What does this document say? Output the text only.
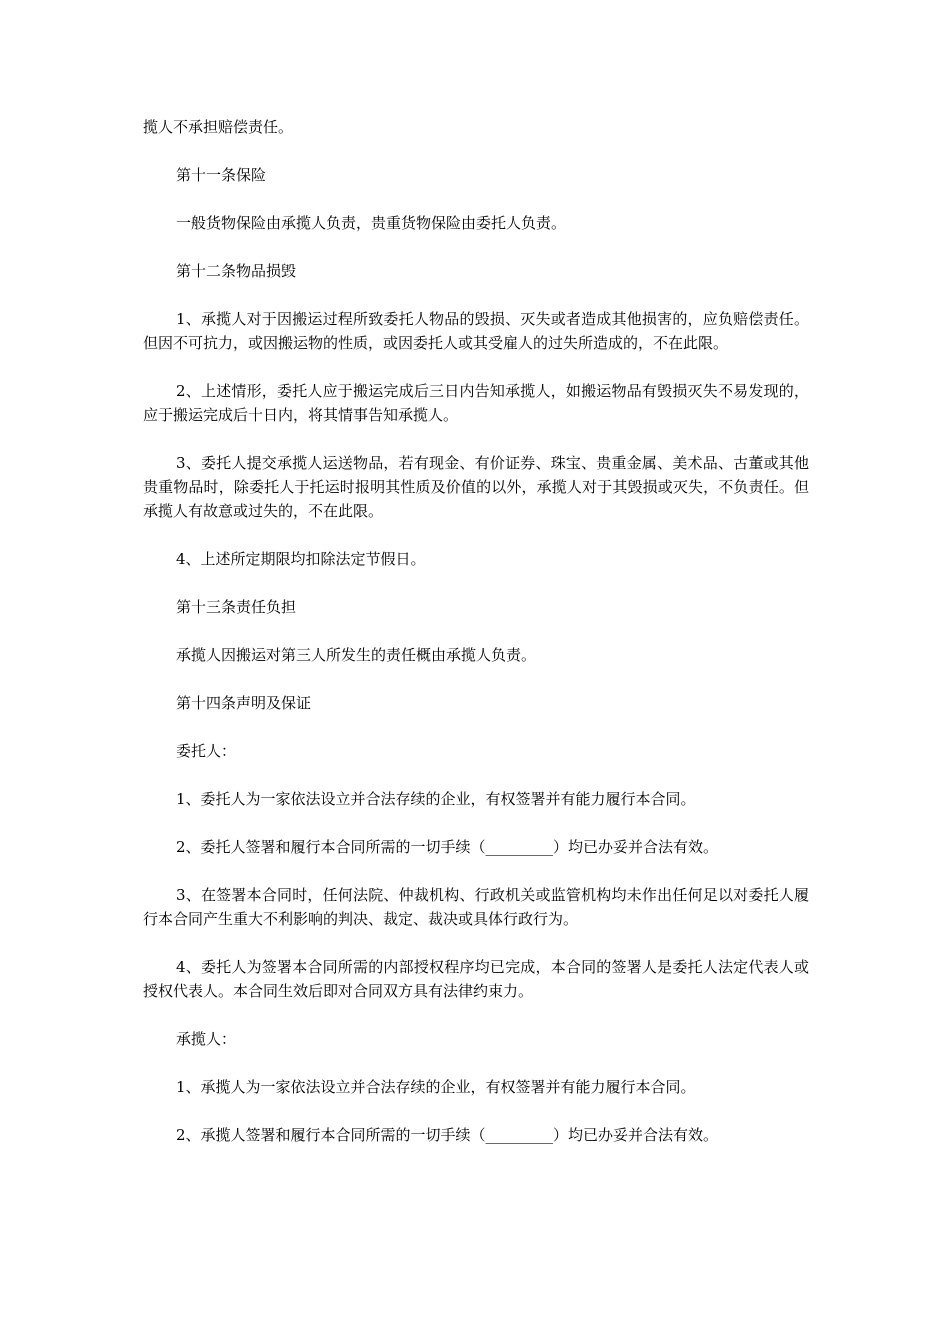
揽人不承担赔偿责任。

第十一条保险

一般货物保险由承揽人负责，贵重货物保险由委托人负责。

第十二条物品损毁

1、承揽人对于因搬运过程所致委托人物品的毁损、灭失或者造成其他损害的，应负赔偿责任。但因不可抗力，或因搬运物的性质，或因委托人或其受雇人的过失所造成的，不在此限。

2、上述情形，委托人应于搬运完成后三日内告知承揽人，如搬运物品有毁损灭失不易发现的，应于搬运完成后十日内，将其情事告知承揽人。

3、委托人提交承揽人运送物品，若有现金、有价证券、珠宝、贵重金属、美术品、古董或其他贵重物品时，除委托人于托运时报明其性质及价值的以外，承揽人对于其毁损或灭失，不负责任。但承揽人有故意或过失的，不在此限。

4、上述所定期限均扣除法定节假日。

第十三条责任负担

承揽人因搬运对第三人所发生的责任概由承揽人负责。

第十四条声明及保证

委托人：

1、委托人为一家依法设立并合法存续的企业，有权签署并有能力履行本合同。

2、委托人签署和履行本合同所需的一切手续（_________）均已办妥并合法有效。

3、在签署本合同时，任何法院、仲裁机构、行政机关或监管机构均未作出任何足以对委托人履行本合同产生重大不利影响的判决、裁定、裁决或具体行政行为。

4、委托人为签署本合同所需的内部授权程序均已完成，本合同的签署人是委托人法定代表人或授权代表人。本合同生效后即对合同双方具有法律约束力。

承揽人：

1、承揽人为一家依法设立并合法存续的企业，有权签署并有能力履行本合同。

2、承揽人签署和履行本合同所需的一切手续（_________）均已办妥并合法有效。
